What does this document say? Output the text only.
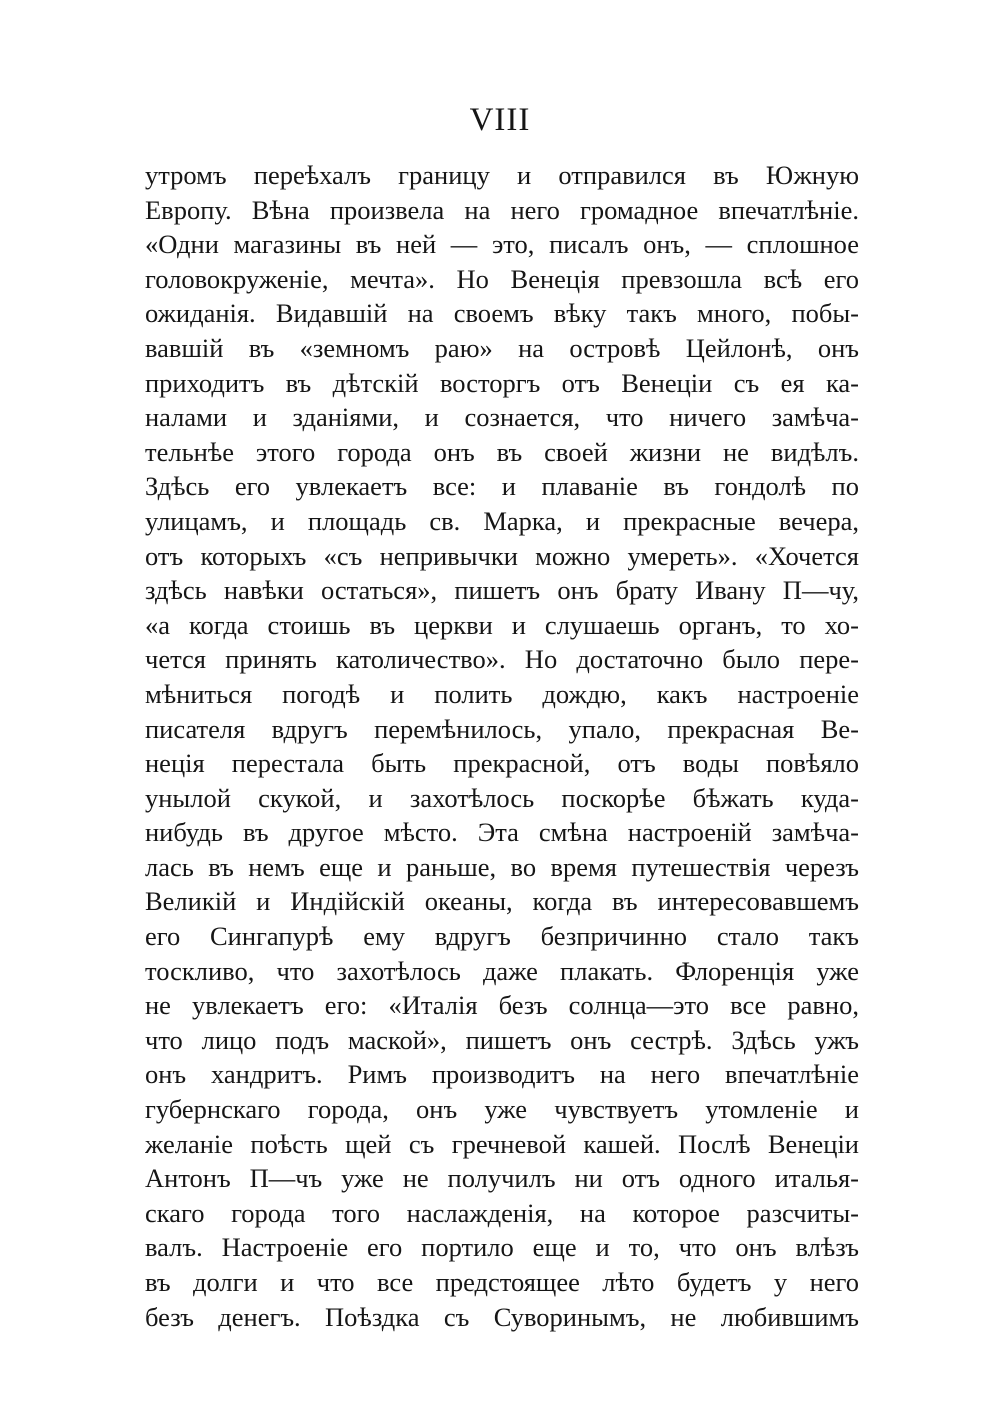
VIII
утромъ переѣхалъ границу и отправился въ Южную
Европу. Вѣна произвела на него громадное впечатлѣніе.
«Одни магазины въ ней — это, писалъ онъ, — сплошное
головокруженіе, мечта». Но Венеція превзошла всѣ его
ожиданія. Видавшій на своемъ вѣку такъ много, побы-
вавшій въ «земномъ раю» на островѣ Цейлонѣ, онъ
приходитъ въ дѣтскій восторгъ отъ Венеціи съ ея ка-
налами и зданіями, и сознается, что ничего замѣча-
тельнѣе этого города онъ въ своей жизни не видѣлъ.
Здѣсь его увлекаетъ все: и плаваніе въ гондолѣ по
улицамъ, и площадь св. Марка, и прекрасные вечера,
отъ которыхъ «съ непривычки можно умереть». «Хочется
здѣсь навѣки остаться», пишетъ онъ брату Ивану П—чу,
«а когда стоишь въ церкви и слушаешь органъ, то хо-
чется принять католичество». Но достаточно было пере-
мѣниться погодѣ и полить дождю, какъ настроеніе
писателя вдругъ перемѣнилось, упало, прекрасная Ве-
неція перестала быть прекрасной, отъ воды повѣяло
унылой скукой, и захотѣлось поскорѣе бѣжать куда-
нибудь въ другое мѣсто. Эта смѣна настроеній замѣча-
лась въ немъ еще и раньше, во время путешествія черезъ
Великій и Индійскій океаны, когда въ интересовавшемъ
его Сингапурѣ ему вдругъ безпричинно стало такъ
тоскливо, что захотѣлось даже плакать. Флоренція уже
не увлекаетъ его: «Италія безъ солнца—это все равно,
что лицо подъ маской», пишетъ онъ сестрѣ. Здѣсь ужъ
онъ хандритъ. Римъ производитъ на него впечатлѣніе
губернскаго города, онъ уже чувствуетъ утомленіе и
желаніе поѣсть щей съ гречневой кашей. Послѣ Венеціи
Антонъ П—чъ уже не получилъ ни отъ одного италья-
скаго города того наслажденія, на которое разсчиты-
валъ. Настроеніе его портило еще и то, что онъ влѣзъ
въ долги и что все предстоящее лѣто будетъ у него
безъ денегъ. Поѣздка съ Суворинымъ, не любившимъ
